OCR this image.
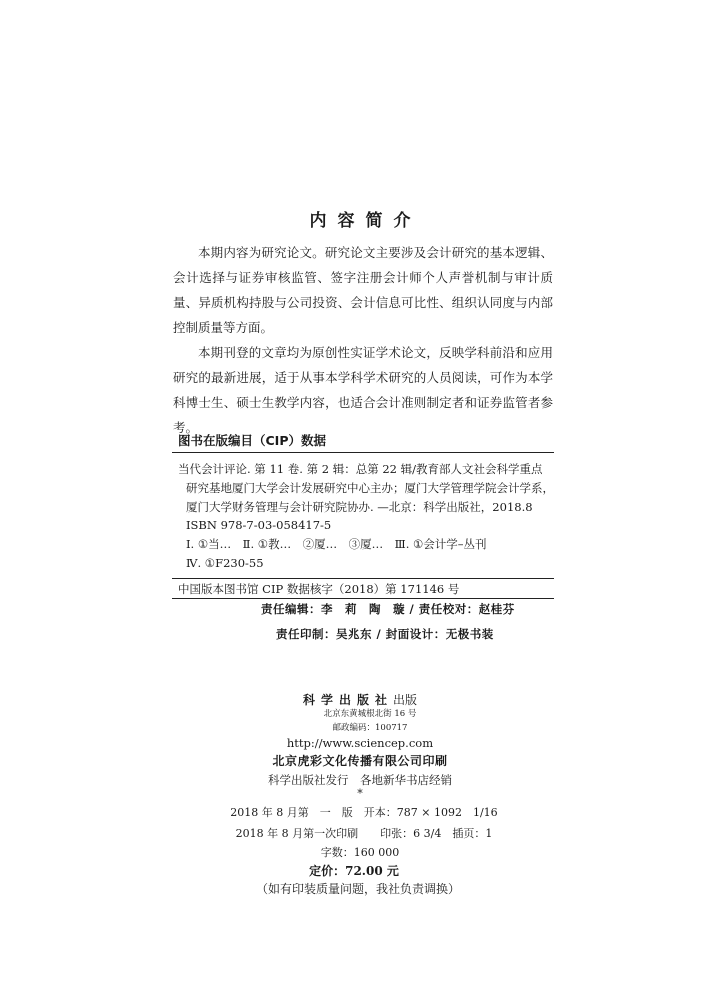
内容简介

本期内容为研究论文。研究论文主要涉及会计研究的基本逻辑、会计选择与证券审核监管、签字注册会计师个人声誉机制与审计质量、异质机构持股与公司投资、会计信息可比性、组织认同度与内部控制质量等方面。

本期刊登的文章均为原创性实证学术论文，反映学科前沿和应用研究的最新进展，适于从事本学科学术研究的人员阅读，可作为本学科博士生、硕士生教学内容，也适合会计准则制定者和证券监管者参考。

图书在版编目（CIP）数据
当代会计评论. 第 11 卷. 第 2 辑：总第 22 辑/教育部人文社会科学重点
研究基地厦门大学会计发展研究中心主办；厦门大学管理学院会计学系，
厦门大学财务管理与会计研究院协办. —北京：科学出版社，2018.8
ISBN 978-7-03-058417-5
Ⅰ. ①当…　Ⅱ. ①教…　②厦…　③厦…　Ⅲ. ①会计学–丛刊
Ⅳ. ①F230-55
中国版本图书馆 CIP 数据核字（2018）第 171146 号
责任编辑：李　莉　陶　璇 / 责任校对：赵桂芬
责任印制：吴兆东 / 封面设计：无极书装
科学出版社出版
北京东黄城根北街 16 号
邮政编码：100717
http://www.sciencep.com
北京虎彩文化传播有限公司印刷
科学出版社发行　各地新华书店经销
*
2018 年 8 月第　一　版　开本：787 × 1092　1/16
2018 年 8 月第一次印刷　　印张：6 3/4　插页：1
字数：160 000
定价：72.00 元
（如有印装质量问题，我社负责调换）
